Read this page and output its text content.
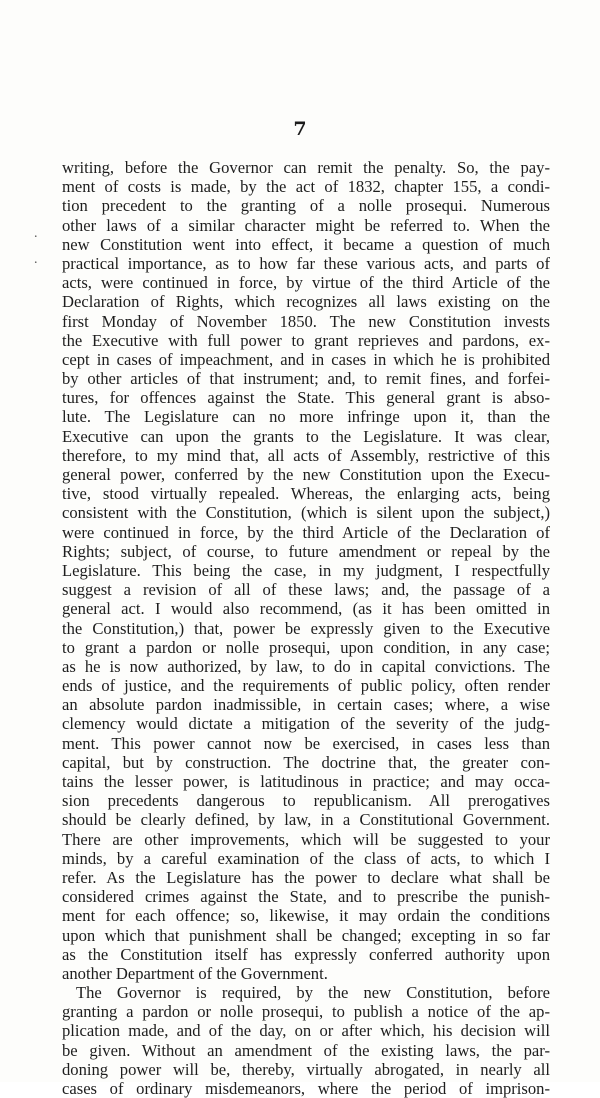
7
.
.
writing, before the Governor can remit the penalty. So, the pay-
ment of costs is made, by the act of 1832, chapter 155, a condi-
tion precedent to the granting of a nolle prosequi. Numerous
other laws of a similar character might be referred to. When the
new Constitution went into effect, it became a question of much
practical importance, as to how far these various acts, and parts of
acts, were continued in force, by virtue of the third Article of the
Declaration of Rights, which recognizes all laws existing on the
first Monday of November 1850. The new Constitution invests
the Executive with full power to grant reprieves and pardons, ex-
cept in cases of impeachment, and in cases in which he is prohibited
by other articles of that instrument; and, to remit fines, and forfei-
tures, for offences against the State. This general grant is abso-
lute. The Legislature can no more infringe upon it, than the
Executive can upon the grants to the Legislature. It was clear,
therefore, to my mind that, all acts of Assembly, restrictive of this
general power, conferred by the new Constitution upon the Execu-
tive, stood virtually repealed. Whereas, the enlarging acts, being
consistent with the Constitution, (which is silent upon the subject,)
were continued in force, by the third Article of the Declaration of
Rights; subject, of course, to future amendment or repeal by the
Legislature. This being the case, in my judgment, I respectfully
suggest a revision of all of these laws; and, the passage of a
general act. I would also recommend, (as it has been omitted in
the Constitution,) that, power be expressly given to the Executive
to grant a pardon or nolle prosequi, upon condition, in any case;
as he is now authorized, by law, to do in capital convictions. The
ends of justice, and the requirements of public policy, often render
an absolute pardon inadmissible, in certain cases; where, a wise
clemency would dictate a mitigation of the severity of the judg-
ment. This power cannot now be exercised, in cases less than
capital, but by construction. The doctrine that, the greater con-
tains the lesser power, is latitudinous in practice; and may occa-
sion precedents dangerous to republicanism. All prerogatives
should be clearly defined, by law, in a Constitutional Government.
There are other improvements, which will be suggested to your
minds, by a careful examination of the class of acts, to which I
refer. As the Legislature has the power to declare what shall be
considered crimes against the State, and to prescribe the punish-
ment for each offence; so, likewise, it may ordain the conditions
upon which that punishment shall be changed; excepting in so far
as the Constitution itself has expressly conferred authority upon
another Department of the Government.
The Governor is required, by the new Constitution, before
granting a pardon or nolle prosequi, to publish a notice of the ap-
plication made, and of the day, on or after which, his decision will
be given. Without an amendment of the existing laws, the par-
doning power will be, thereby, virtually abrogated, in nearly all
cases of ordinary misdemeanors, where the period of imprison-
